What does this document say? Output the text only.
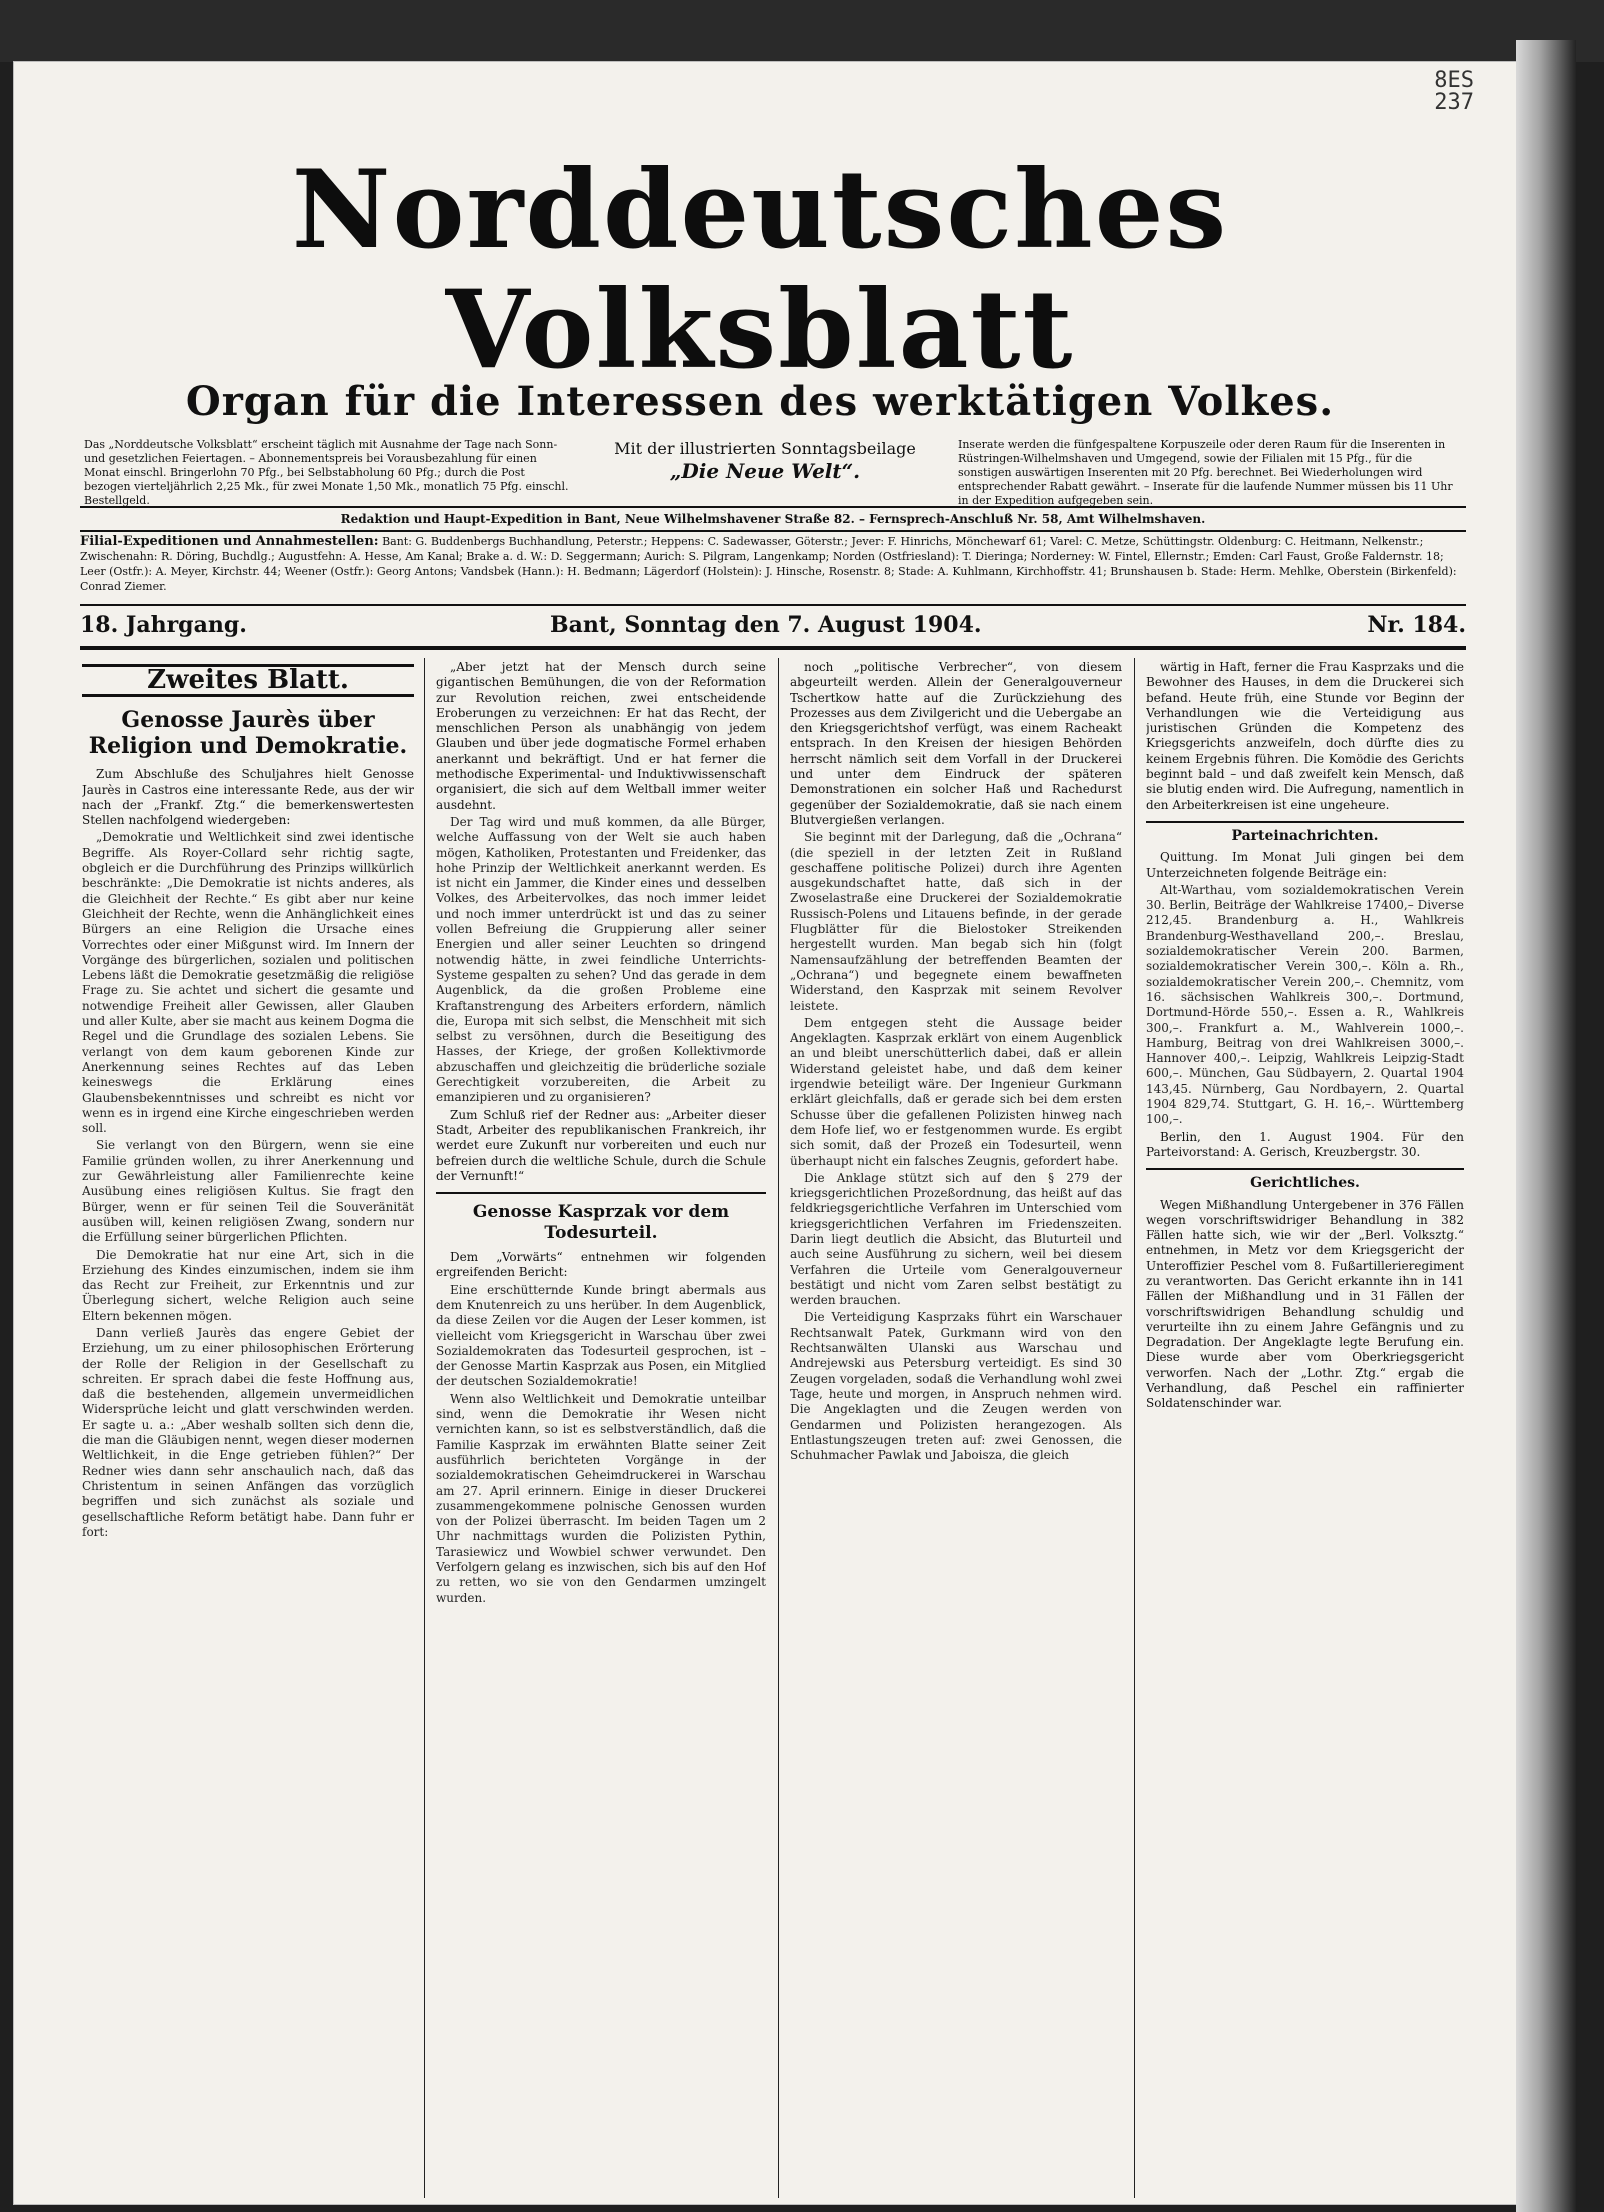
8ES
237
Norddeutsches Volksblatt
Organ für die Interessen des werktätigen Volkes.
Das „Norddeutsche Volksblatt“ erscheint täglich mit Ausnahme der Tage nach Sonn- und gesetzlichen Feiertagen. – Abonnementspreis bei Vorausbezahlung für einen Monat einschl. Bringerlohn 70 Pfg., bei Selbstabholung 60 Pfg.; durch die Post bezogen vierteljährlich 2,25 Mk., für zwei Monate 1,50 Mk., monatlich 75 Pfg. einschl. Bestellgeld.
Mit der illustrierten Sonntagsbeilage
„Die Neue Welt“.
Inserate werden die fünfgespaltene Korpuszeile oder deren Raum für die Inserenten in Rüstringen-Wilhelmshaven und Umgegend, sowie der Filialen mit 15 Pfg., für die sonstigen auswärtigen Inserenten mit 20 Pfg. berechnet. Bei Wiederholungen wird entsprechender Rabatt gewährt. – Inserate für die laufende Nummer müssen bis 11 Uhr in der Expedition aufgegeben sein.
Redaktion und Haupt-Expedition in Bant, Neue Wilhelmshavener Straße 82. – Fernsprech-Anschluß Nr. 58, Amt Wilhelmshaven.
Filial-Expeditionen und Annahmestellen: Bant: G. Buddenbergs Buchhandlung, Peterstr.; Heppens: C. Sadewasser, Göterstr.; Jever: F. Hinrichs, Mönchewarf 61; Varel: C. Metze, Schüttingstr. Oldenburg: C. Heitmann, Nelkenstr.; Zwischenahn: R. Döring, Buchdlg.; Augustfehn: A. Hesse, Am Kanal; Brake a. d. W.: D. Seggermann; Aurich: S. Pilgram, Langenkamp; Norden (Ostfriesland): T. Dieringa; Norderney: W. Fintel, Ellernstr.; Emden: Carl Faust, Große Faldernstr. 18; Leer (Ostfr.): A. Meyer, Kirchstr. 44; Weener (Ostfr.): Georg Antons; Vandsbek (Hann.): H. Bedmann; Lägerdorf (Holstein): J. Hinsche, Rosenstr. 8; Stade: A. Kuhlmann, Kirchhoffstr. 41; Brunshausen b. Stade: Herm. Mehlke, Oberstein (Birkenfeld): Conrad Ziemer.
18. Jahrgang.	Bant, Sonntag den 7. August 1904.	Nr. 184.
Zweites Blatt.
Genosse Jaurès über Religion und Demokratie.

Zum Abschluße des Schuljahres hielt Genosse Jaurès in Castros eine interessante Rede, aus der wir nach der „Frankf. Ztg.“ die bemerkenswertesten Stellen nachfolgend wiedergeben:

„Demokratie und Weltlichkeit sind zwei identische Begriffe. Als Royer-Collard sehr richtig sagte, obgleich er die Durchführung des Prinzips willkürlich beschränkte: „Die Demokratie ist nichts anderes, als die Gleichheit der Rechte.“ Es gibt aber nur keine Gleichheit der Rechte, wenn die Anhänglichkeit eines Bürgers an eine Religion die Ursache eines Vorrechtes oder einer Mißgunst wird. Im Innern der Vorgänge des bürgerlichen, sozialen und politischen Lebens läßt die Demokratie gesetzmäßig die religiöse Frage zu. Sie achtet und sichert die gesamte und notwendige Freiheit aller Gewissen, aller Glauben und aller Kulte, aber sie macht aus keinem Dogma die Regel und die Grundlage des sozialen Lebens. Sie verlangt von dem kaum geborenen Kinde zur Anerkennung seines Rechtes auf das Leben keineswegs die Erklärung eines Glaubensbekenntnisses und schreibt es nicht vor wenn es in irgend eine Kirche eingeschrieben werden soll.

Sie verlangt von den Bürgern, wenn sie eine Familie gründen wollen, zu ihrer Anerkennung und zur Gewährleistung aller Familienrechte keine Ausübung eines religiösen Kultus. Sie fragt den Bürger, wenn er für seinen Teil die Souveränität ausüben will, keinen religiösen Zwang, sondern nur die Erfüllung seiner bürgerlichen Pflichten.

Die Demokratie hat nur eine Art, sich in die Erziehung des Kindes einzumischen, indem sie ihm das Recht zur Freiheit, zur Erkenntnis und zur Überlegung sichert, welche Religion auch seine Eltern bekennen mögen.

Dann verließ Jaurès das engere Gebiet der Erziehung, um zu einer philosophischen Erörterung der Rolle der Religion in der Gesellschaft zu schreiten. Er sprach dabei die feste Hoffnung aus, daß die bestehenden, allgemein unvermeidlichen Widersprüche leicht und glatt verschwinden werden. Er sagte u. a.: „Aber weshalb sollten sich denn die, die man die Gläubigen nennt, wegen dieser modernen Weltlichkeit, in die Enge getrieben fühlen?“ Der Redner wies dann sehr anschaulich nach, daß das Christentum in seinen Anfängen das vorzüglich begriffen und sich zunächst als soziale und gesellschaftliche Reform betätigt habe. Dann fuhr er fort:

„Aber jetzt hat der Mensch durch seine gigantischen Bemühungen, die von der Reformation zur Revolution reichen, zwei entscheidende Eroberungen zu verzeichnen: Er hat das Recht, der menschlichen Person als unabhängig von jedem Glauben und über jede dogmatische Formel erhaben anerkannt und bekräftigt. Und er hat ferner die methodische Experimental- und Induktivwissenschaft organisiert, die sich auf dem Weltball immer weiter ausdehnt.

Der Tag wird und muß kommen, da alle Bürger, welche Auffassung von der Welt sie auch haben mögen, Katholiken, Protestanten und Freidenker, das hohe Prinzip der Weltlichkeit anerkannt werden. Es ist nicht ein Jammer, die Kinder eines und desselben Volkes, des Arbeitervolkes, das noch immer leidet und noch immer unterdrückt ist und das zu seiner vollen Befreiung die Gruppierung aller seiner Energien und aller seiner Leuchten so dringend notwendig hätte, in zwei feindliche Unterrichts-Systeme gespalten zu sehen? Und das gerade in dem Augenblick, da die großen Probleme eine Kraftanstrengung des Arbeiters erfordern, nämlich die, Europa mit sich selbst, die Menschheit mit sich selbst zu versöhnen, durch die Beseitigung des Hasses, der Kriege, der großen Kollektivmorde abzuschaffen und gleichzeitig die brüderliche soziale Gerechtigkeit vorzubereiten, die Arbeit zu emanzipieren und zu organisieren?

Zum Schluß rief der Redner aus: „Arbeiter dieser Stadt, Arbeiter des republikanischen Frankreich, ihr werdet eure Zukunft nur vorbereiten und euch nur befreien durch die weltliche Schule, durch die Schule der Vernunft!“

Genosse Kasprzak vor dem Todesurteil.

Dem „Vorwärts“ entnehmen wir folgenden ergreifenden Bericht:

Eine erschütternde Kunde bringt abermals aus dem Knutenreich zu uns herüber. In dem Augenblick, da diese Zeilen vor die Augen der Leser kommen, ist vielleicht vom Kriegsgericht in Warschau über zwei Sozialdemokraten das Todesurteil gesprochen, ist – der Genosse Martin Kasprzak aus Posen, ein Mitglied der deutschen Sozialdemokratie!

Wenn also Weltlichkeit und Demokratie unteilbar sind, wenn die Demokratie ihr Wesen nicht vernichten kann, so ist es selbstverständlich, daß die Familie Kasprzak im erwähnten Blatte seiner Zeit ausführlich berichteten Vorgänge in der sozialdemokratischen Geheimdruckerei in Warschau am 27. April erinnern. Einige in dieser Druckerei zusammengekommene polnische Genossen wurden von der Polizei überrascht. Im beiden Tagen um 2 Uhr nachmittags wurden die Polizisten Pythin, Tarasiewicz und Wowbiel schwer verwundet. Den Verfolgern gelang es inzwischen, sich bis auf den Hof zu retten, wo sie von den Gendarmen umzingelt wurden.

noch „politische Verbrecher“, von diesem abgeurteilt werden. Allein der Generalgouverneur Tschertkow hatte auf die Zurückziehung des Prozesses aus dem Zivilgericht und die Uebergabe an den Kriegsgerichtshof verfügt, was einem Racheakt entsprach. In den Kreisen der hiesigen Behörden herrscht nämlich seit dem Vorfall in der Druckerei und unter dem Eindruck der späteren Demonstrationen ein solcher Haß und Rachedurst gegenüber der Sozialdemokratie, daß sie nach einem Blutvergießen verlangen.

Sie beginnt mit der Darlegung, daß die „Ochrana“ (die speziell in der letzten Zeit in Rußland geschaffene politische Polizei) durch ihre Agenten ausgekundschaftet hatte, daß sich in der Zwoselastraße eine Druckerei der Sozialdemokratie Russisch-Polens und Litauens befinde, in der gerade Flugblätter für die Bielostoker Streikenden hergestellt wurden. Man begab sich hin (folgt Namensaufzählung der betreffenden Beamten der „Ochrana“) und begegnete einem bewaffneten Widerstand, den Kasprzak mit seinem Revolver leistete.

Dem entgegen steht die Aussage beider Angeklagten. Kasprzak erklärt von einem Augenblick an und bleibt unerschütterlich dabei, daß er allein Widerstand geleistet habe, und daß dem keiner irgendwie beteiligt wäre. Der Ingenieur Gurkmann erklärt gleichfalls, daß er gerade sich bei dem ersten Schusse über die gefallenen Polizisten hinweg nach dem Hofe lief, wo er festgenommen wurde. Es ergibt sich somit, daß der Prozeß ein Todesurteil, wenn überhaupt nicht ein falsches Zeugnis, gefordert habe.

Die Anklage stützt sich auf den § 279 der kriegsgerichtlichen Prozeßordnung, das heißt auf das feldkriegsgerichtliche Verfahren im Unterschied vom kriegsgerichtlichen Verfahren im Friedenszeiten. Darin liegt deutlich die Absicht, das Bluturteil und auch seine Ausführung zu sichern, weil bei diesem Verfahren die Urteile vom Generalgouverneur bestätigt und nicht vom Zaren selbst bestätigt zu werden brauchen.

Die Verteidigung Kasprzaks führt ein Warschauer Rechtsanwalt Patek, Gurkmann wird von den Rechtsanwälten Ulanski aus Warschau und Andrejewski aus Petersburg verteidigt. Es sind 30 Zeugen vorgeladen, sodaß die Verhandlung wohl zwei Tage, heute und morgen, in Anspruch nehmen wird. Die Angeklagten und die Zeugen werden von Gendarmen und Polizisten herangezogen. Als Entlastungszeugen treten auf: zwei Genossen, die Schuhmacher Pawlak und Jaboisza, die gleich

wärtig in Haft, ferner die Frau Kasprzaks und die Bewohner des Hauses, in dem die Druckerei sich befand. Heute früh, eine Stunde vor Beginn der Verhandlungen wie die Verteidigung aus juristischen Gründen die Kompetenz des Kriegsgerichts anzweifeln, doch dürfte dies zu keinem Ergebnis führen. Die Komödie des Gerichts beginnt bald – und daß zweifelt kein Mensch, daß sie blutig enden wird. Die Aufregung, namentlich in den Arbeiterkreisen ist eine ungeheure.

Parteinachrichten.

Quittung. Im Monat Juli gingen bei dem Unterzeichneten folgende Beiträge ein:

Alt-Warthau, vom sozialdemokratischen Verein 30. Berlin, Beiträge der Wahlkreise 17400,– Diverse 212,45. Brandenburg a. H., Wahlkreis Brandenburg-Westhavelland 200,–. Breslau, sozialdemokratischer Verein 200. Barmen, sozialdemokratischer Verein 300,–. Köln a. Rh., sozialdemokratischer Verein 200,–. Chemnitz, vom 16. sächsischen Wahlkreis 300,–. Dortmund, Dortmund-Hörde 550,–. Essen a. R., Wahlkreis 300,–. Frankfurt a. M., Wahlverein 1000,–. Hamburg, Beitrag von drei Wahlkreisen 3000,–. Hannover 400,–. Leipzig, Wahlkreis Leipzig-Stadt 600,–. München, Gau Südbayern, 2. Quartal 1904 143,45. Nürnberg, Gau Nordbayern, 2. Quartal 1904 829,74. Stuttgart, G. H. 16,–. Württemberg 100,–.

Berlin, den 1. August 1904. Für den Parteivorstand: A. Gerisch, Kreuzbergstr. 30.

Gerichtliches.

Wegen Mißhandlung Untergebener in 376 Fällen wegen vorschriftswidriger Behandlung in 382 Fällen hatte sich, wie wir der „Berl. Volksztg.“ entnehmen, in Metz vor dem Kriegsgericht der Unteroffizier Peschel vom 8. Fußartillerieregiment zu verantworten. Das Gericht erkannte ihn in 141 Fällen der Mißhandlung und in 31 Fällen der vorschriftswidrigen Behandlung schuldig und verurteilte ihn zu einem Jahre Gefängnis und zu Degradation. Der Angeklagte legte Berufung ein. Diese wurde aber vom Oberkriegsgericht verworfen. Nach der „Lothr. Ztg.“ ergab die Verhandlung, daß Peschel ein raffinierter Soldatenschinder war.
